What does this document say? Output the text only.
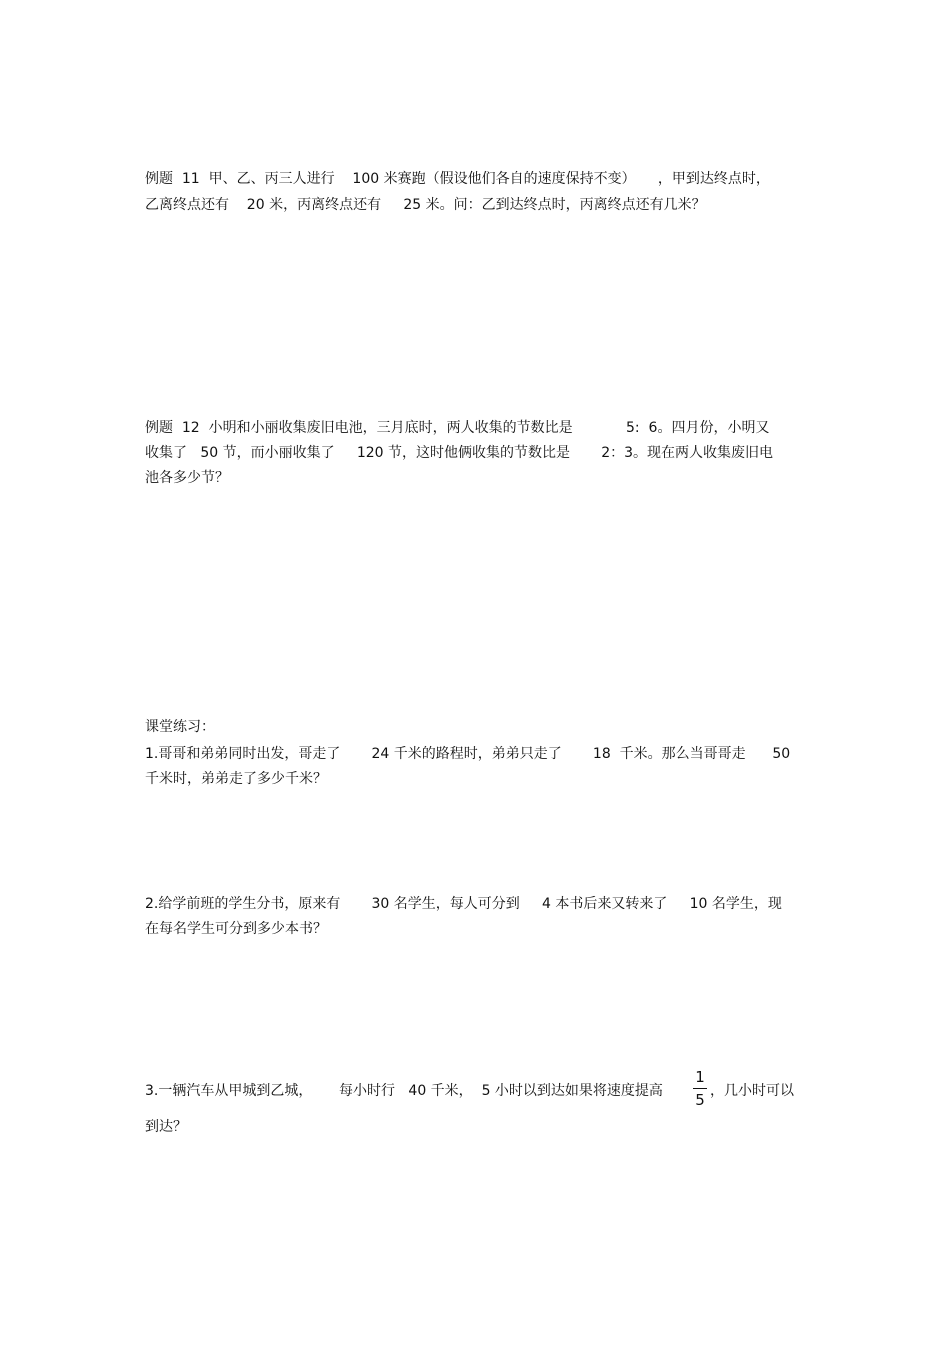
例题  11  甲、乙、丙三人进行    100 米赛跑（假设他们各自的速度保持不变）     ，甲到达终点时，
乙离终点还有    20 米，丙离终点还有     25 米。问：乙到达终点时，丙离终点还有几米？
例题  12  小明和小丽收集废旧电池，三月底时，两人收集的节数比是            5:  6。四月份，小明又
收集了   50 节，而小丽收集了     120 节，这时他俩收集的节数比是       2：3。现在两人收集废旧电
池各多少节？
课堂练习：
1.哥哥和弟弟同时出发，哥走了       24 千米的路程时，弟弟只走了       18  千米。那么当哥哥走      50
千米时，弟弟走了多少千米？
2.给学前班的学生分书，原来有       30 名学生，每人可分到     4 本书后来又转来了     10 名学生，现
在每名学生可分到多少本书？
3.一辆汽车从甲城到乙城，      每小时行   40 千米，  5 小时以到达如果将速度提高
1
5 ，几小时可以
到达？
